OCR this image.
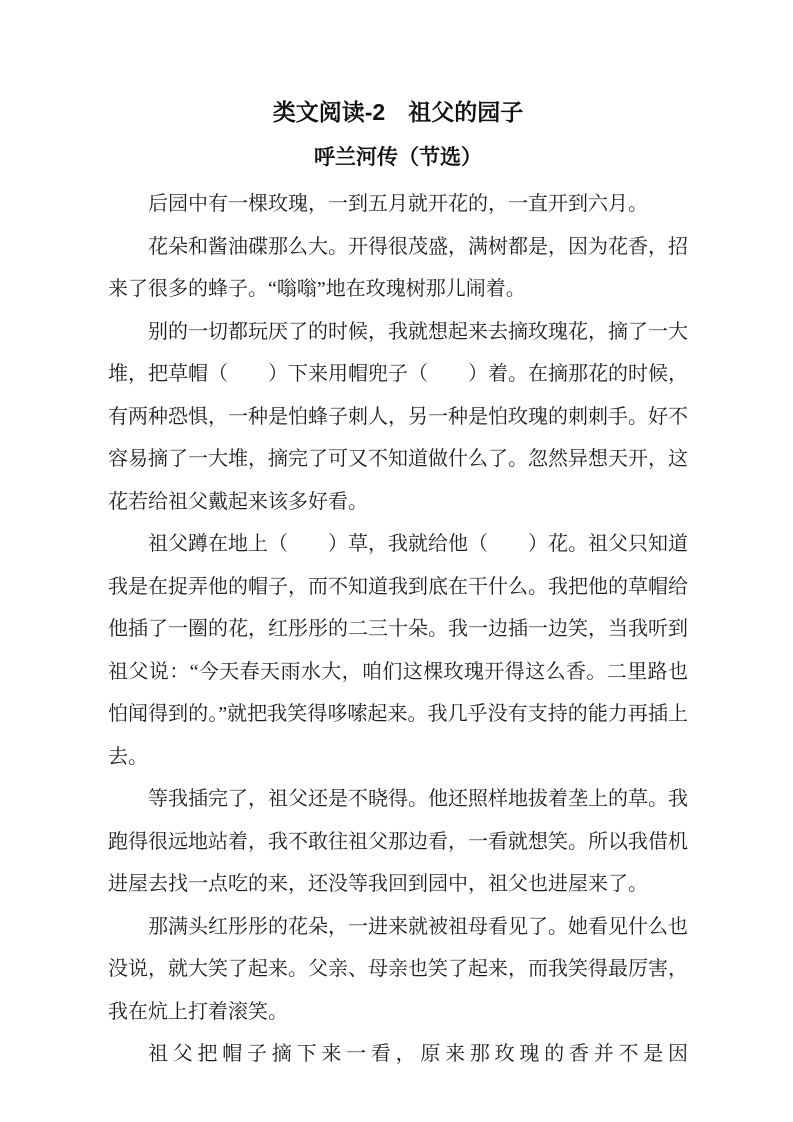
类文阅读-2　祖父的园子
呼兰河传（节选）

后园中有一棵玫瑰，一到五月就开花的，一直开到六月。

花朵和酱油碟那么大。开得很茂盛，满树都是，因为花香，招来了很多的蜂子。“嗡嗡”地在玫瑰树那儿闹着。

别的一切都玩厌了的时候，我就想起来去摘玫瑰花，摘了一大堆，把草帽（　　）下来用帽兜子（　　）着。在摘那花的时候，有两种恐惧，一种是怕蜂子刺人，另一种是怕玫瑰的刺刺手。好不容易摘了一大堆，摘完了可又不知道做什么了。忽然异想天开，这花若给祖父戴起来该多好看。

祖父蹲在地上（　　）草，我就给他（　　）花。祖父只知道我是在捉弄他的帽子，而不知道我到底在干什么。我把他的草帽给他插了一圈的花，红彤彤的二三十朵。我一边插一边笑，当我听到祖父说：“今天春天雨水大，咱们这棵玫瑰开得这么香。二里路也怕闻得到的。”就把我笑得哆嗦起来。我几乎没有支持的能力再插上去。

等我插完了，祖父还是不晓得。他还照样地拔着垄上的草。我跑得很远地站着，我不敢往祖父那边看，一看就想笑。所以我借机进屋去找一点吃的来，还没等我回到园中，祖父也进屋来了。

那满头红彤彤的花朵，一进来就被祖母看见了。她看见什么也没说，就大笑了起来。父亲、母亲也笑了起来，而我笑得最厉害，我在炕上打着滚笑。

祖父把帽子摘下来一看，原来那玫瑰的香并不是因
